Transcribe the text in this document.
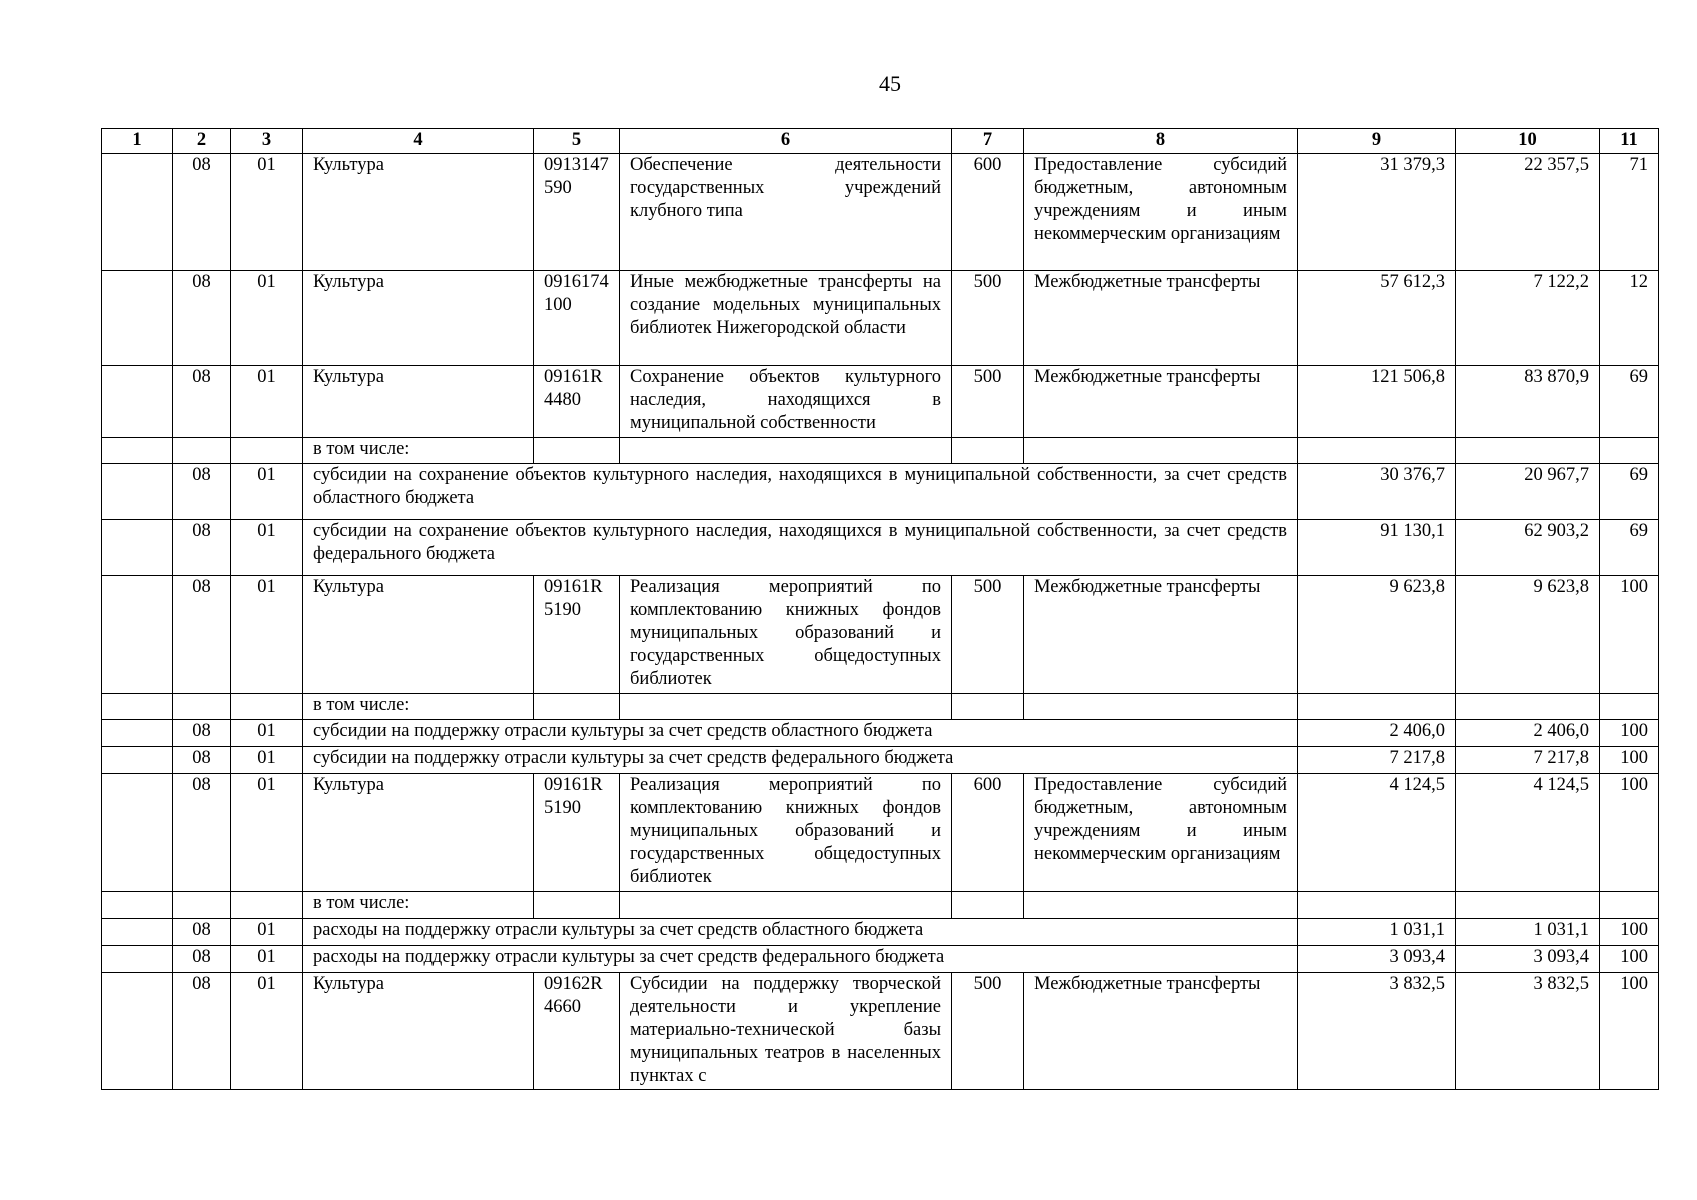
45
1	2	3	4	5	6	7	8	9	10	11
	08	01	Культура	0913147590	Обеспечение деятельности государственных учреждений клубного типа	600	Предоставление субсидий бюджетным, автономным учреждениям и иным некоммерческим организациям	31 379,3	22 357,5	71
	08	01	Культура	0916174100	Иные межбюджетные трансферты на создание модельных муниципальных библиотек Нижегородской области	500	Межбюджетные трансферты	57 612,3	7 122,2	12
	08	01	Культура	09161R4480	Сохранение объектов культурного наследия, находящихся в муниципальной собственности	500	Межбюджетные трансферты	121 506,8	83 870,9	69
			в том числе:							
	08	01	субсидии на сохранение объектов культурного наследия, находящихся в муниципальной собственности, за счет средств областного бюджета					30 376,7	20 967,7	69
	08	01	субсидии на сохранение объектов культурного наследия, находящихся в муниципальной собственности, за счет средств федерального бюджета					91 130,1	62 903,2	69
	08	01	Культура	09161R5190	Реализация мероприятий по комплектованию книжных фондов муниципальных образований и государственных общедоступных библиотек	500	Межбюджетные трансферты	9 623,8	9 623,8	100
			в том числе:							
	08	01	субсидии на поддержку отрасли культуры за счет средств областного бюджета					2 406,0	2 406,0	100
	08	01	субсидии на поддержку отрасли культуры за счет средств федерального бюджета					7 217,8	7 217,8	100
	08	01	Культура	09161R5190	Реализация мероприятий по комплектованию книжных фондов муниципальных образований и государственных общедоступных библиотек	600	Предоставление субсидий бюджетным, автономным учреждениям и иным некоммерческим организациям	4 124,5	4 124,5	100
			в том числе:							
	08	01	расходы на поддержку отрасли культуры за счет средств областного бюджета					1 031,1	1 031,1	100
	08	01	расходы на поддержку отрасли культуры за счет средств федерального бюджета					3 093,4	3 093,4	100
	08	01	Культура	09162R4660	Субсидии на поддержку творческой деятельности и укрепление материально-технической базы муниципальных театров в населенных пунктах с	500	Межбюджетные трансферты	3 832,5	3 832,5	100
